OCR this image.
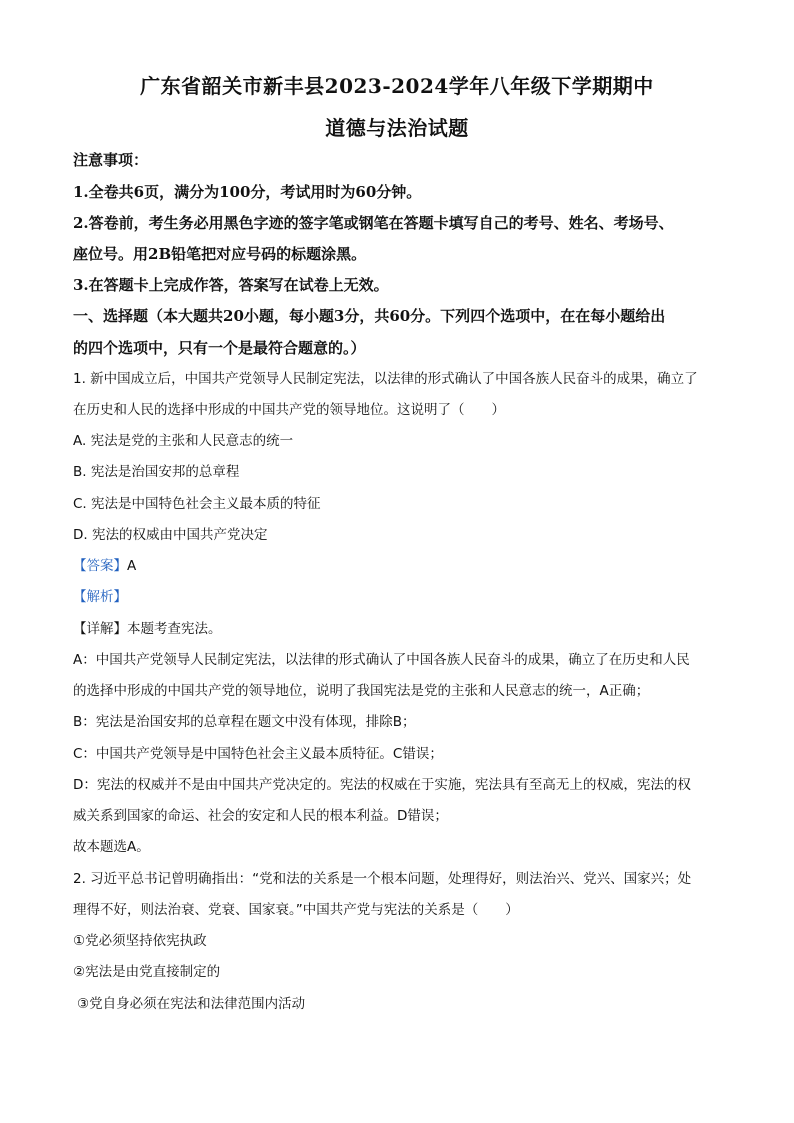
广东省韶关市新丰县2023-2024学年八年级下学期期中
道德与法治试题
注意事项：
1.全卷共6页，满分为100分，考试用时为60分钟。
2.答卷前，考生务必用黑色字迹的签字笔或钢笔在答题卡填写自己的考号、姓名、考场号、
座位号。用2B铅笔把对应号码的标题涂黑。
3.在答题卡上完成作答，答案写在试卷上无效。
一、选择题（本大题共20小题，每小题3分，共60分。下列四个选项中，在在每小题给出
的四个选项中，只有一个是最符合题意的。）
1. 新中国成立后，中国共产党领导人民制定宪法，以法律的形式确认了中国各族人民奋斗的成果，确立了
在历史和人民的选择中形成的中国共产党的领导地位。这说明了（　　）
A. 宪法是党的主张和人民意志的统一
B. 宪法是治国安邦的总章程
C. 宪法是中国特色社会主义最本质的特征
D. 宪法的权威由中国共产党决定
【答案】A
【解析】
【详解】本题考查宪法。
A：中国共产党领导人民制定宪法，以法律的形式确认了中国各族人民奋斗的成果，确立了在历史和人民
的选择中形成的中国共产党的领导地位，说明了我国宪法是党的主张和人民意志的统一，A正确；
B：宪法是治国安邦的总章程在题文中没有体现，排除B；
C：中国共产党领导是中国特色社会主义最本质特征。C错误；
D：宪法的权威并不是由中国共产党决定的。宪法的权威在于实施，宪法具有至高无上的权威，宪法的权
威关系到国家的命运、社会的安定和人民的根本利益。D错误；
故本题选A。
2. 习近平总书记曾明确指出：“党和法的关系是一个根本问题，处理得好，则法治兴、党兴、国家兴；处
理得不好，则法治衰、党衰、国家衰。”中国共产党与宪法的关系是（　　）
①党必须坚持依宪执政
②宪法是由党直接制定的
③党自身必须在宪法和法律范围内活动
